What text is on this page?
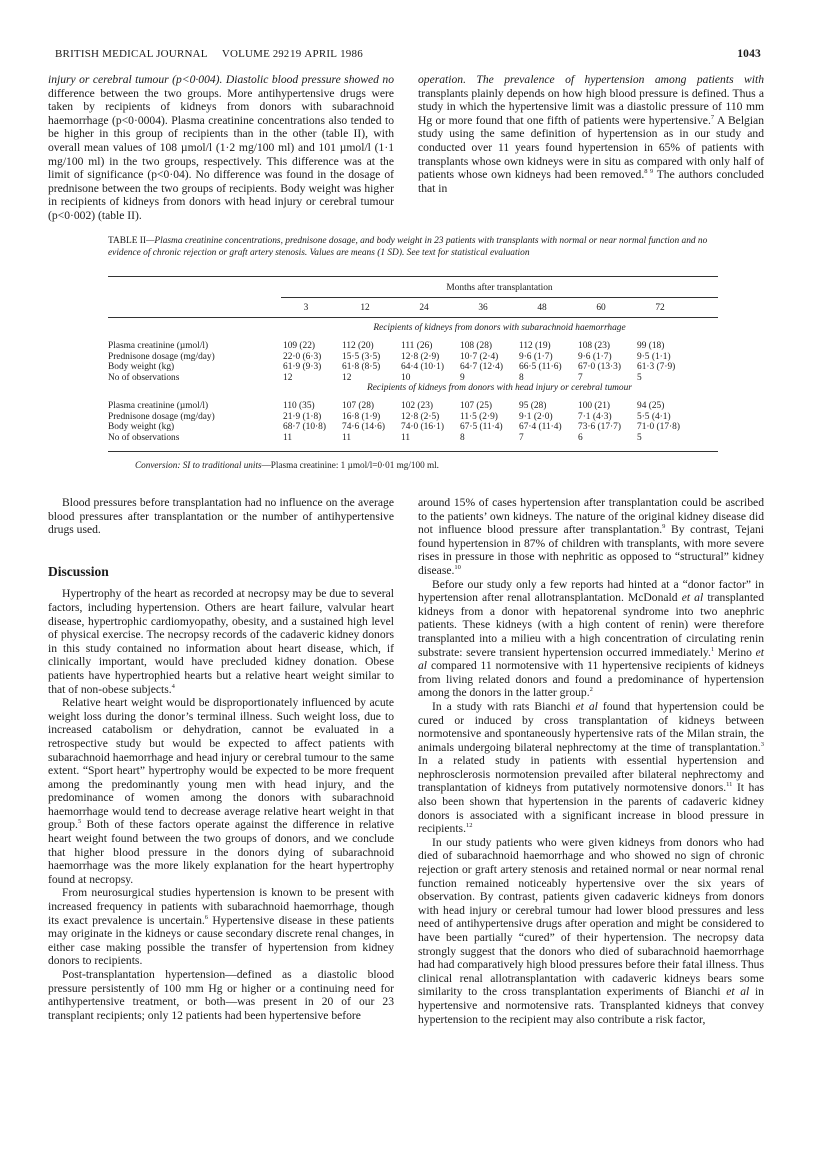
BRITISH MEDICAL JOURNAL VOLUME 292 19 APRIL 1986	1043

injury or cerebral tumour (p<0·004). Diastolic blood pressure showed no difference between the two groups. More antihypertensive drugs were taken by recipients of kidneys from donors with subarachnoid haemorrhage (p<0·0004). Plasma creatinine concentrations also tended to be higher in this group of recipients than in the other (table II), with overall mean values of 108 µmol/l (1·2 mg/100 ml) and 101 µmol/l (1·1 mg/100 ml) in the two groups, respectively. This difference was at the limit of significance (p<0·04). No difference was found in the dosage of prednisone between the two groups of recipients. Body weight was higher in recipients of kidneys from donors with head injury or cerebral tumour (p<0·002) (table II).

operation. The prevalence of hypertension among patients with transplants plainly depends on how high blood pressure is defined. Thus a study in which the hypertensive limit was a diastolic pressure of 110 mm Hg or more found that one fifth of patients were hypertensive.$^7$ A Belgian study using the same definition of hypertension as in our study and conducted over 11 years found hypertension in 65% of patients with transplants whose own kidneys were in situ as compared with only half of patients whose own kidneys had been removed.$^{8 9}$ The authors concluded that in

TABLE II—Plasma creatinine concentrations, prednisone dosage, and body weight in 23 patients with transplants with normal or near normal function and no evidence of chronic rejection or graft artery stenosis. Values are means (1 SD). See text for statistical evaluation
Months after transplantation
3	12	24	36	48	60	72
Recipients of kidneys from donors with subarachnoid haemorrhage
Plasma creatinine (µmol/l)	109 (22)	112 (20)	111 (26)	108 (28)	112 (19)	108 (23)	99 (18)
Prednisone dosage (mg/day)	22·0 (6·3) 15·5 (3·5) 12·8 (2·9) 10·7 (2·4) 9·6 (1·7)	9·6 (1·7)	9·5 (1·1)
Body weight (kg)	61·9 (9·3) 61·8 (8·5) 64·4 (10·1) 64·7 (12·4) 66·5 (11·6) 67·0 (13·3) 61·3 (7·9)
No of observations	12	12	10	9	8	7	5
Recipients of kidneys from donors with head injury or cerebral tumour
Plasma creatinine (µmol/l)	110 (35)	107 (28)	102 (23)	107 (25)	95 (28)	100 (21)	94 (25)
Prednisone dosage (mg/day)	21·9 (1·8) 16·8 (1·9) 12·8 (2·5) 11·5 (2·9) 9·1 (2·0)	7·1 (4·3)	5·5 (4·1)
Body weight (kg)	68·7 (10·8) 74·6 (14·6) 74·0 (16·1) 67·5 (11·4) 67·4 (11·4) 73·6 (17·7) 71·0 (17·8)
No of observations	11	11	11	8	7	6	5
Conversion: SI to traditional units—Plasma creatinine: 1 µmol/l=0·01 mg/100 ml.

Blood pressures before transplantation had no influence on the average blood pressures after transplantation or the number of antihypertensive drugs used.

Discussion

Hypertrophy of the heart as recorded at necropsy may be due to several factors, including hypertension. Others are heart failure, valvular heart disease, hypertrophic cardiomyopathy, obesity, and a sustained high level of physical exercise. The necropsy records of the cadaveric kidney donors in this study contained no information about heart disease, which, if clinically important, would have precluded kidney donation. Obese patients have hypertrophied hearts but a relative heart weight similar to that of non-obese subjects.$^4$

Relative heart weight would be disproportionately influenced by acute weight loss during the donor’s terminal illness. Such weight loss, due to increased catabolism or dehydration, cannot be evaluated in a retrospective study but would be expected to affect patients with subarachnoid haemorrhage and head injury or cerebral tumour to the same extent. “Sport heart” hypertrophy would be expected to be more frequent among the predominantly young men with head injury, and the predominance of women among the donors with subarachnoid haemorrhage would tend to decrease average relative heart weight in that group.$^5$ Both of these factors operate against the difference in relative heart weight found between the two groups of donors, and we conclude that higher blood pressure in the donors dying of subarachnoid haemorrhage was the more likely explanation for the heart hypertrophy found at necropsy.

From neurosurgical studies hypertension is known to be present with increased frequency in patients with subarachnoid haemorrhage, though its exact prevalence is uncertain.$^6$ Hypertensive disease in these patients may originate in the kidneys or cause secondary discrete renal changes, in either case making possible the transfer of hypertension from kidney donors to recipients.

Post-transplantation hypertension—defined as a diastolic blood pressure persistently of 100 mm Hg or higher or a continuing need for antihypertensive treatment, or both—was present in 20 of our 23 transplant recipients; only 12 patients had been hypertensive before

around 15% of cases hypertension after transplantation could be ascribed to the patients’ own kidneys. The nature of the original kidney disease did not influence blood pressure after transplantation.$^9$ By contrast, Tejani found hypertension in 87% of children with transplants, with more severe rises in pressure in those with nephritic as opposed to “structural” kidney disease.$^{10}$

Before our study only a few reports had hinted at a “donor factor” in hypertension after renal allotransplantation. McDonald et al transplanted kidneys from a donor with hepatorenal syndrome into two anephric patients. These kidneys (with a high content of renin) were therefore transplanted into a milieu with a high concentration of circulating renin substrate: severe transient hypertension occurred immediately.$^1$ Merino et al compared 11 normotensive with 11 hypertensive recipients of kidneys from living related donors and found a predominance of hypertension among the donors in the latter group.$^2$

In a study with rats Bianchi et al found that hypertension could be cured or induced by cross transplantation of kidneys between normotensive and spontaneously hypertensive rats of the Milan strain, the animals undergoing bilateral nephrectomy at the time of transplantation.$^3$ In a related study in patients with essential hypertension and nephrosclerosis normotension prevailed after bilateral nephrectomy and transplantation of kidneys from putatively normotensive donors.$^{11}$ It has also been shown that hypertension in the parents of cadaveric kidney donors is associated with a significant increase in blood pressure in recipients.$^{12}$

In our study patients who were given kidneys from donors who had died of subarachnoid haemorrhage and who showed no sign of chronic rejection or graft artery stenosis and retained normal or near normal renal function remained noticeably hypertensive over the six years of observation. By contrast, patients given cadaveric kidneys from donors with head injury or cerebral tumour had lower blood pressures and less need of antihypertensive drugs after operation and might be considered to have been partially “cured” of their hypertension. The necropsy data strongly suggest that the donors who died of subarachnoid haemorrhage had had comparatively high blood pressures before their fatal illness. Thus clinical renal allotransplantation with cadaveric kidneys bears some similarity to the cross transplantation experiments of Bianchi et al in hypertensive and normotensive rats. Transplanted kidneys that convey hypertension to the recipient may also contribute a risk factor,
